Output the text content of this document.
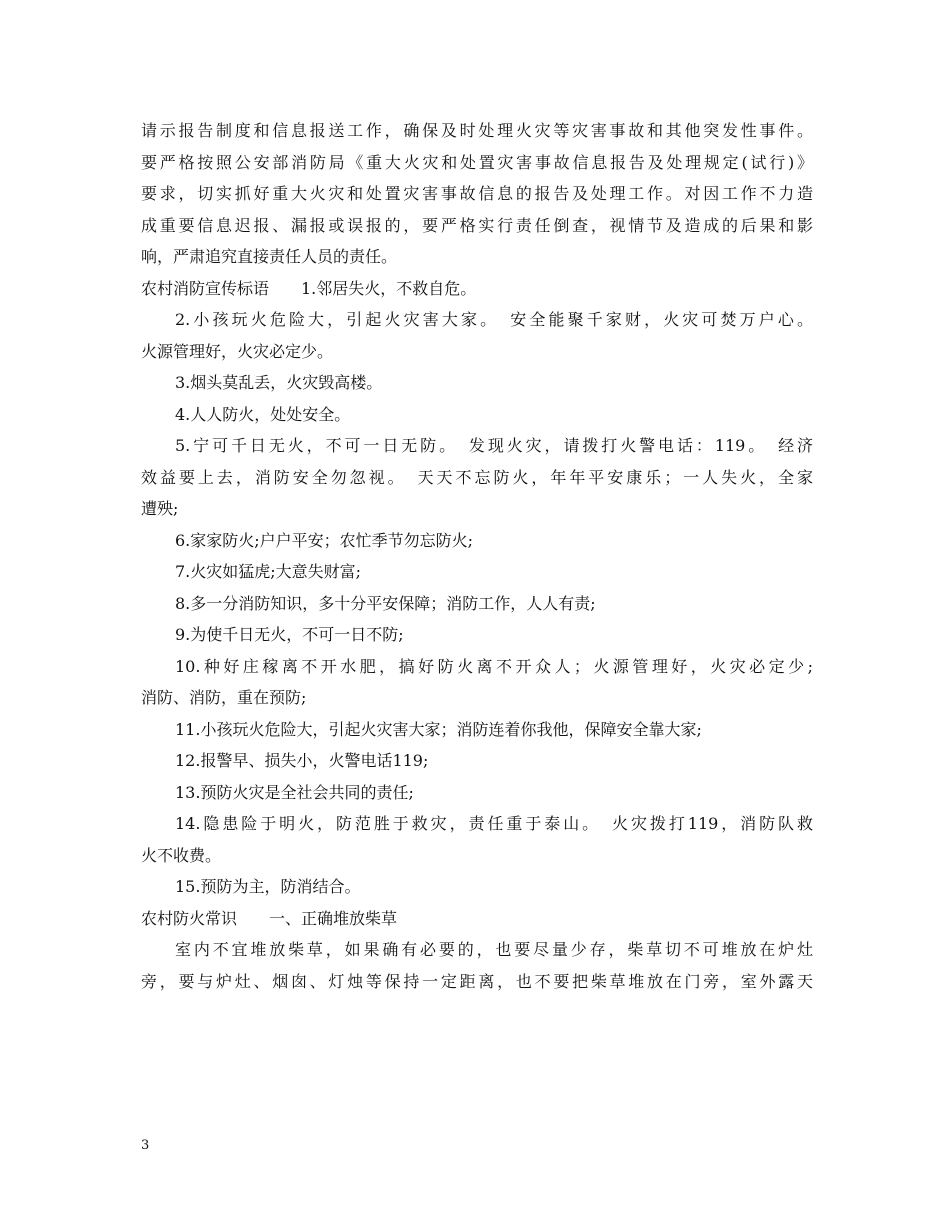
请示报告制度和信息报送工作，确保及时处理火灾等灾害事故和其他突发性事件。
要严格按照公安部消防局《重大火灾和处置灾害事故信息报告及处理规定(试行)》
要求，切实抓好重大火灾和处置灾害事故信息的报告及处理工作。对因工作不力造
成重要信息迟报、漏报或误报的，要严格实行责任倒查，视情节及造成的后果和影
响，严肃追究直接责任人员的责任。
农村消防宣传标语　　1.邻居失火，不救自危。
2.小孩玩火危险大，引起火灾害大家。　安全能聚千家财，火灾可焚万户心。
火源管理好，火灾必定少。
3.烟头莫乱丢，火灾毁高楼。
4.人人防火，处处安全。
5.宁可千日无火，不可一日无防。　发现火灾，请拨打火警电话：119。　经济
效益要上去，消防安全勿忽视。　天天不忘防火，年年平安康乐；一人失火，全家
遭殃;
6.家家防火;户户平安；农忙季节勿忘防火;
7.火灾如猛虎;大意失财富;
8.多一分消防知识，多十分平安保障；消防工作，人人有责;
9.为使千日无火，不可一日不防;
10.种好庄稼离不开水肥，搞好防火离不开众人；火源管理好，火灾必定少;
消防、消防，重在预防;
11.小孩玩火危险大，引起火灾害大家；消防连着你我他，保障安全靠大家;
12.报警早、损失小，火警电话119;
13.预防火灾是全社会共同的责任;
14.隐患险于明火，防范胜于救灾，责任重于泰山。　火灾拨打119，消防队救
火不收费。
15.预防为主，防消结合。
农村防火常识　　一、正确堆放柴草
室内不宜堆放柴草，如果确有必要的，也要尽量少存，柴草切不可堆放在炉灶
旁，要与炉灶、烟囱、灯烛等保持一定距离，也不要把柴草堆放在门旁，室外露天
3
